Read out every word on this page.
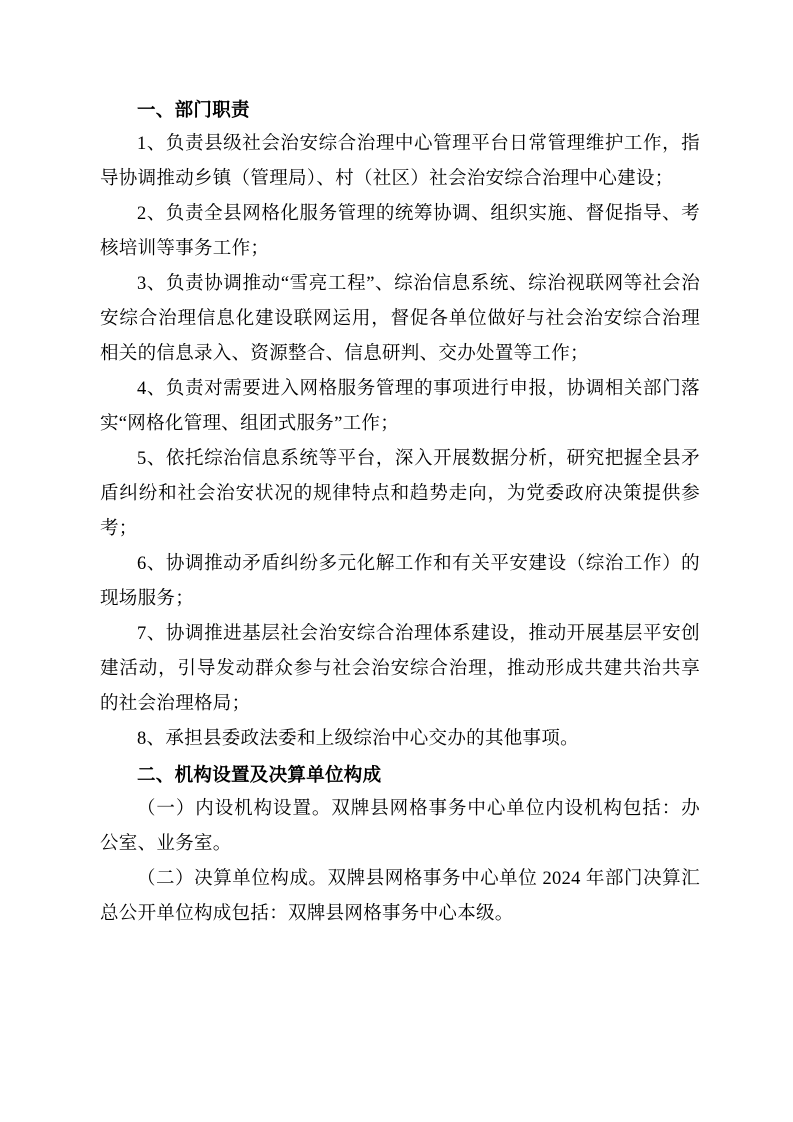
一、部门职责

1、负责县级社会治安综合治理中心管理平台日常管理维护工作，指导协调推动乡镇（管理局）、村（社区）社会治安综合治理中心建设；

2、负责全县网格化服务管理的统筹协调、组织实施、督促指导、考核培训等事务工作；

3、负责协调推动“雪亮工程”、综治信息系统、综治视联网等社会治安综合治理信息化建设联网运用，督促各单位做好与社会治安综合治理相关的信息录入、资源整合、信息研判、交办处置等工作；

4、负责对需要进入网格服务管理的事项进行申报，协调相关部门落实“网格化管理、组团式服务”工作；

5、依托综治信息系统等平台，深入开展数据分析，研究把握全县矛盾纠纷和社会治安状况的规律特点和趋势走向，为党委政府决策提供参考；

6、协调推动矛盾纠纷多元化解工作和有关平安建设（综治工作）的现场服务；

7、协调推进基层社会治安综合治理体系建设，推动开展基层平安创建活动，引导发动群众参与社会治安综合治理，推动形成共建共治共享的社会治理格局；

8、承担县委政法委和上级综治中心交办的其他事项。

二、机构设置及决算单位构成

（一）内设机构设置。双牌县网格事务中心单位内设机构包括：办公室、业务室。

（二）决算单位构成。双牌县网格事务中心单位 2024 年部门决算汇总公开单位构成包括：双牌县网格事务中心本级。
